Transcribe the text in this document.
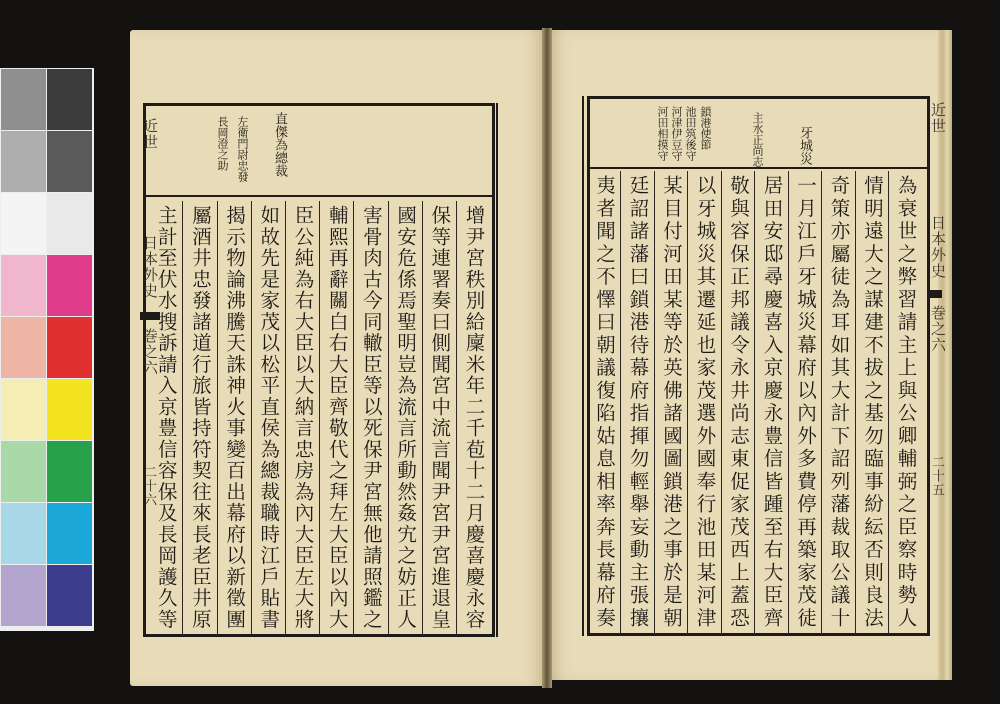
直傑為總裁
左衛門尉忠發
長岡澄之助
近世
日本外史
巻之六
二十六	增尹宮秩別給廩米年二千苞十二月慶喜慶永容
保等連署奏曰側聞宮中流言聞尹宮尹宮進退皇
國安危係焉聖明豈為流言所動然姦宄之妨正人
害骨肉古今同轍臣等以死保尹宮無他請照鑑之
輔熙再辭關白右大臣齊敬代之拜左大臣以內大
臣公純為右大臣以大納言忠房為內大臣左大將
如故先是家茂以松平直侯為總裁職時江戶貼書
揭示物論沸騰天誅神火事變百出幕府以新徵團
屬酒井忠發諸道行旅皆持符契往來長老臣井原
主計至伏水搜訴請入京豊信容保及長岡護久等
牙城災
主水正尚志
鎖港使節
池田筑後守
河津伊豆守
河田相摸守	近世
日本外史
巻之六
二十五
為衰世之弊習請主上與公卿輔弼之臣察時勢人
情明遠大之謀建不拔之基勿臨事紛紜否則良法
奇策亦屬徒為耳如其大計下詔列藩裁取公議十
一月江戶牙城災幕府以內外多費停再築家茂徒
居田安邸尋慶喜入京慶永豊信皆踵至右大臣齊
敬與容保正邦議令永井尚志東促家茂西上蓋恐
以牙城災其遷延也家茂選外國奉行池田某河津
某目付河田某等於英佛諸國圖鎖港之事於是朝
廷詔諸藩曰鎖港待幕府指揮勿輕舉妄動主張攘
夷者聞之不懌曰朝議復陷姑息相率奔長幕府奏
